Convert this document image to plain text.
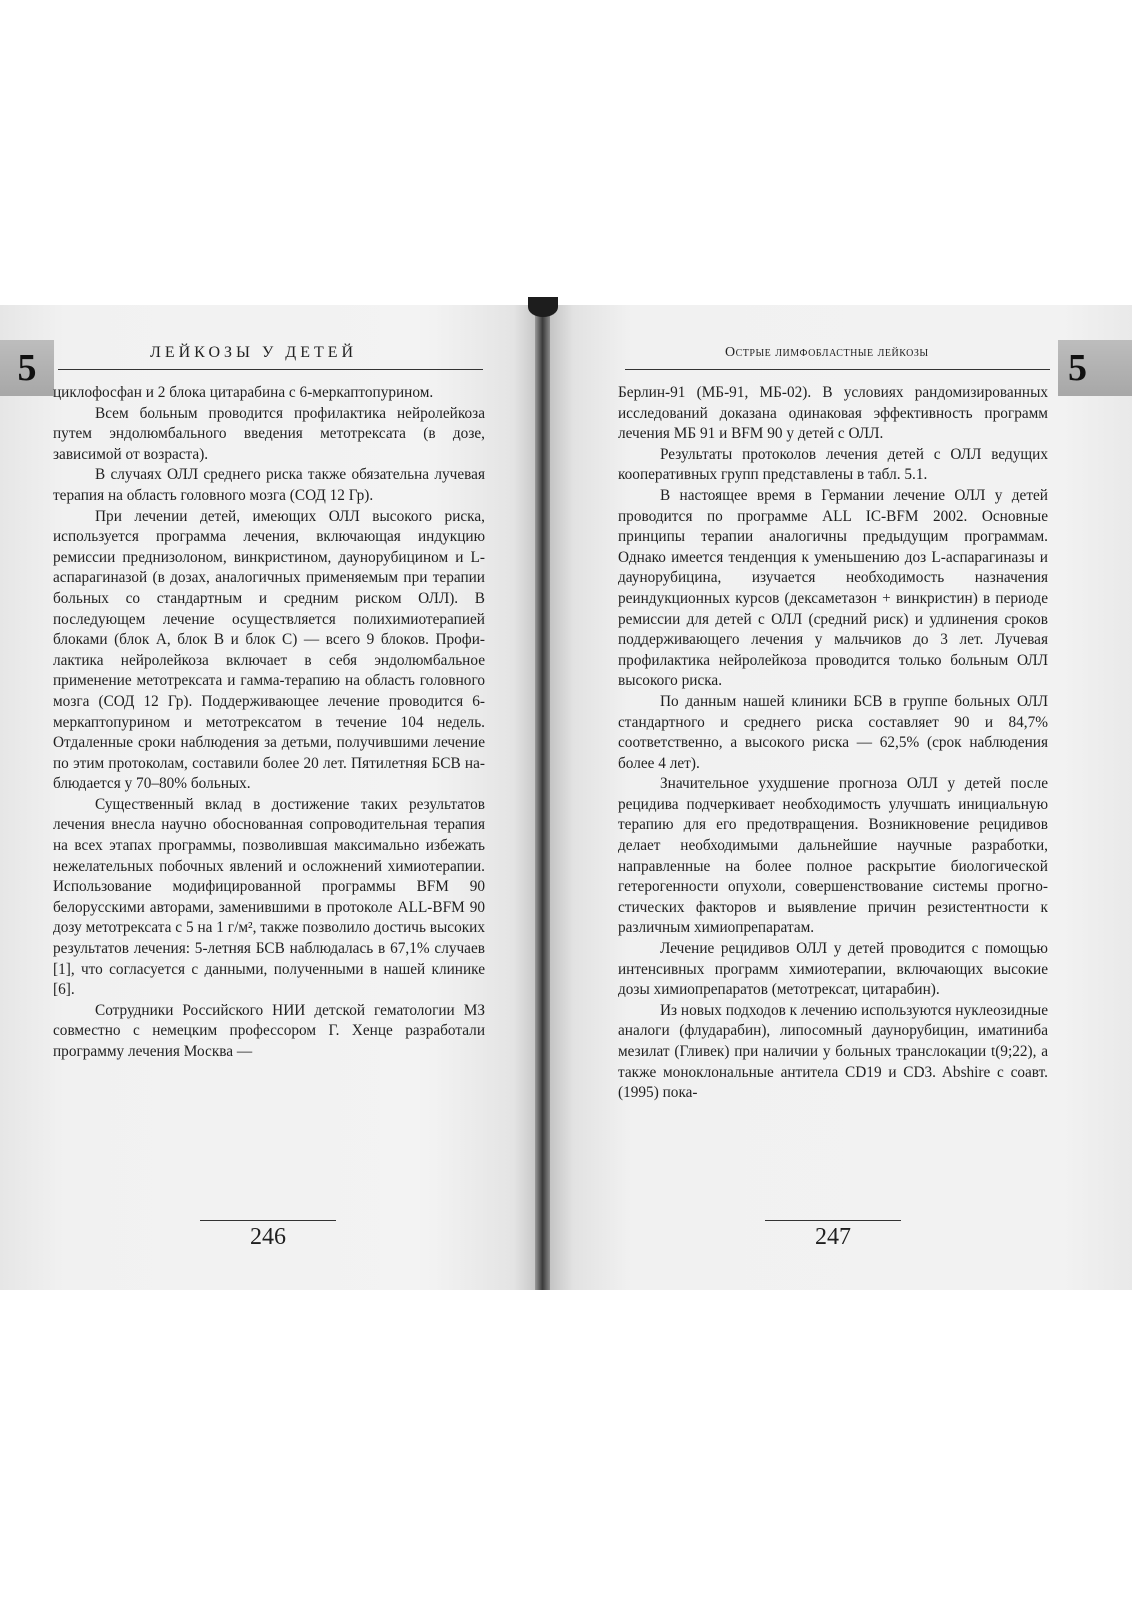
5	ЛЕЙКОЗЫ У ДЕТЕЙ

циклофосфан и 2 блока цитарабина с 6-меркаптопурином.

Всем больным проводится профилактика нейролейкоза путем эндолюмбального введения метотрексата (в дозе, зависимой от возраста).

В случаях ОЛЛ среднего риска также обязательна лучевая терапия на область головного мозга (СОД 12 Гр).

При лечении детей, имеющих ОЛЛ высокого риска, используется программа лечения, включающая индукцию ремиссии преднизолоном, винкристином, даунорубицином и L-аспарагиназой (в дозах, аналогичных применяемым при терапии больных со стандартным и средним риском ОЛЛ). В последующем лечение осуществляется полихимиотерапией блоками (блок А, блок В и блок С) — всего 9 блоков. Профилактика нейролейкоза включает в себя эндолюмбальное применение метотрексата и гамма-терапию на область головного мозга (СОД 12 Гр). Поддерживающее лечение проводится 6-меркаптопурином и метотрексатом в течение 104 недель. Отдаленные сроки наблюдения за детьми, получившими лечение по этим протоколам, составили более 20 лет. Пятилетняя БСВ наблюдается у 70–80% больных.

Существенный вклад в достижение таких результатов лечения внесла научно обоснованная сопроводительная терапия на всех этапах программы, позволившая максимально избежать нежелательных побочных явлений и осложнений химиотерапии. Использование модифицированной программы BFM 90 белорусскими авторами, заменившими в протоколе ALL-BFM 90 дозу метотрексата с 5 на 1 г/м², также позволило достичь высоких результатов лечения: 5-летняя БСВ наблюдалась в 67,1% случаев [1], что согласуется с данными, полученными в нашей клинике [6].

Сотрудники Российского НИИ детской гематологии МЗ совместно с немецким профессором Г. Хенце разработали программу лечения Москва —

246
Острые лимфобластные лейкозы	5

Берлин-91 (МБ-91, МБ-02). В условиях рандомизированных исследований доказана одинаковая эффективность программ лечения МБ 91 и BFM 90 у детей с ОЛЛ.

Результаты протоколов лечения детей с ОЛЛ ведущих кооперативных групп представлены в табл. 5.1.

В настоящее время в Германии лечение ОЛЛ у детей проводится по программе ALL IC-BFM 2002. Основные принципы терапии аналогичны предыдущим программам. Однако имеется тенденция к уменьшению доз L-аспарагиназы и даунорубицина, изучается необходимость назначения реиндукционных курсов (дексаметазон + винкристин) в периоде ремиссии для детей с ОЛЛ (средний риск) и удлинения сроков поддерживающего лечения у мальчиков до 3 лет. Лучевая профилактика нейролейкоза проводится только больным ОЛЛ высокого риска.

По данным нашей клиники БСВ в группе больных ОЛЛ стандартного и среднего риска составляет 90 и 84,7% соответственно, а высокого риска — 62,5% (срок наблюдения более 4 лет).

Значительное ухудшение прогноза ОЛЛ у детей после рецидива подчеркивает необходимость улучшать инициальную терапию для его предотвращения. Возникновение рецидивов делает необходимыми дальнейшие научные разработки, направленные на более полное раскрытие биологической гетерогенности опухоли, совершенствование системы прогностических факторов и выявление причин резистентности к различным химиопрепаратам.

Лечение рецидивов ОЛЛ у детей проводится с помощью интенсивных программ химиотерапии, включающих высокие дозы химиопрепаратов (метотрексат, цитарабин).

Из новых подходов к лечению используются нуклеозидные аналоги (флударабин), липосомный даунорубицин, иматиниба мезилат (Гливек) при наличии у больных транслокации t(9;22), а также моноклональные антитела CD19 и CD3. Abshire с соавт. (1995) пока-

247
